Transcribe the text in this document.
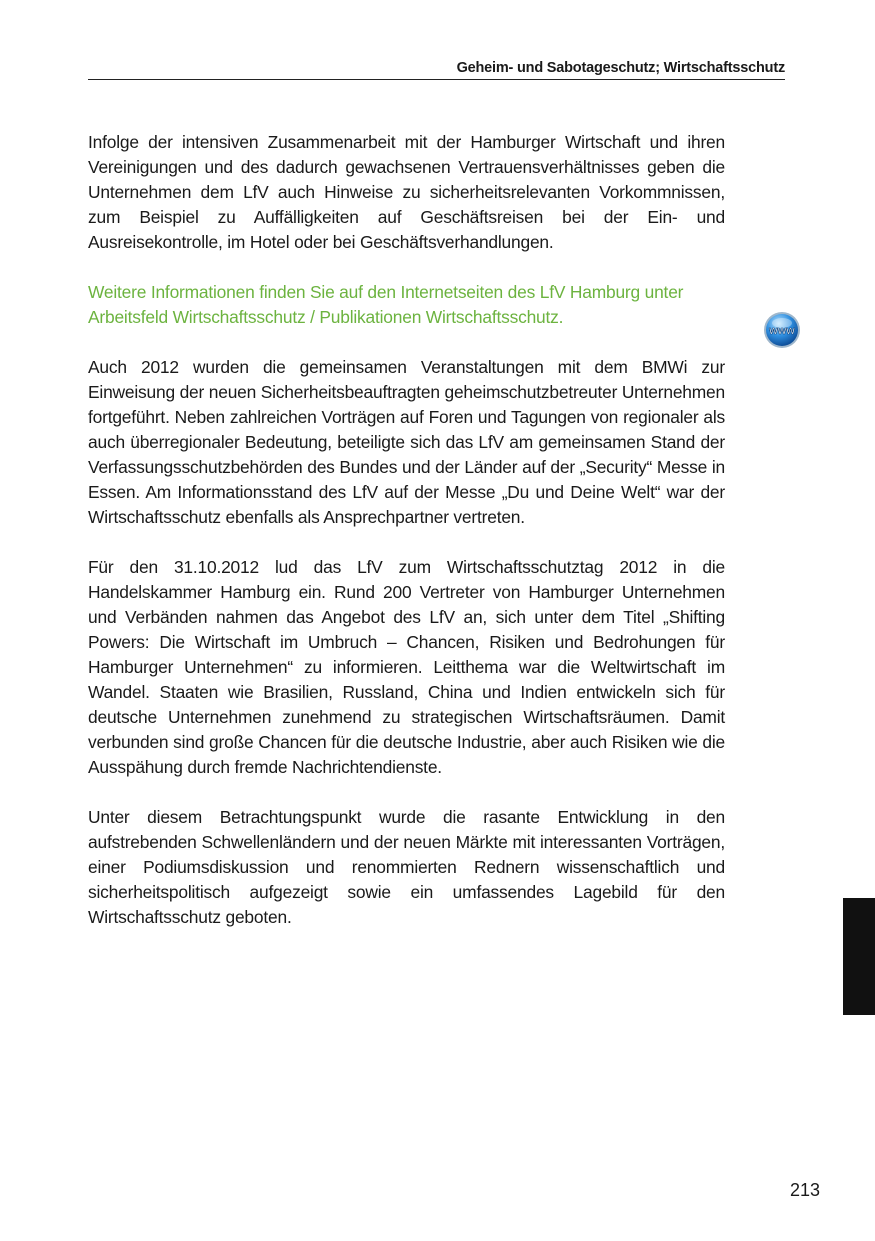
Geheim- und Sabotageschutz; Wirtschaftsschutz

Infolge der intensiven Zusammenarbeit mit der Hamburger Wirtschaft und ihren Vereinigungen und des dadurch gewachsenen Vertrauensverhältnisses geben die Unternehmen dem LfV auch Hinweise zu sicherheitsrelevanten Vorkommnissen, zum Beispiel zu Auffälligkeiten auf Geschäftsreisen bei der Ein- und Ausreisekontrolle, im Hotel oder bei Geschäftsverhandlungen.

Weitere Informationen finden Sie auf den Internetseiten des LfV Hamburg unter Arbeitsfeld Wirtschaftsschutz / Publikationen Wirtschaftsschutz.

Auch 2012 wurden die gemeinsamen Veranstaltungen mit dem BMWi zur Einweisung der neuen Sicherheitsbeauftragten geheimschutzbetreuter Unternehmen fortgeführt. Neben zahlreichen Vorträgen auf Foren und Tagungen von regionaler als auch überregionaler Bedeutung, beteiligte sich das LfV am gemeinsamen Stand der Verfassungsschutzbehörden des Bundes und der Länder auf der „Security“ Messe in Essen. Am Informationsstand des LfV auf der Messe „Du und Deine Welt“ war der Wirtschaftsschutz ebenfalls als Ansprechpartner vertreten.

Für den 31.10.2012 lud das LfV zum Wirtschaftsschutztag 2012 in die Handelskammer Hamburg ein. Rund 200 Vertreter von Hamburger Unternehmen und Verbänden nahmen das Angebot des LfV an, sich unter dem Titel „Shifting Powers: Die Wirtschaft im Umbruch – Chancen, Risiken und Bedrohungen für Hamburger Unternehmen“ zu informieren. Leitthema war die Weltwirtschaft im Wandel. Staaten wie Brasilien, Russland, China und Indien entwickeln sich für deutsche Unternehmen zunehmend zu strategischen Wirtschaftsräumen. Damit verbunden sind große Chancen für die deutsche Industrie, aber auch Risiken wie die Ausspähung durch fremde Nachrichtendienste.

Unter diesem Betrachtungspunkt wurde die rasante Entwicklung in den aufstrebenden Schwellenländern und der neuen Märkte mit interessanten Vorträgen, einer Podiumsdiskussion und renommierten Rednern wissenschaftlich und sicherheitspolitisch aufgezeigt sowie ein umfassendes Lagebild für den Wirtschaftsschutz geboten.

www
213
